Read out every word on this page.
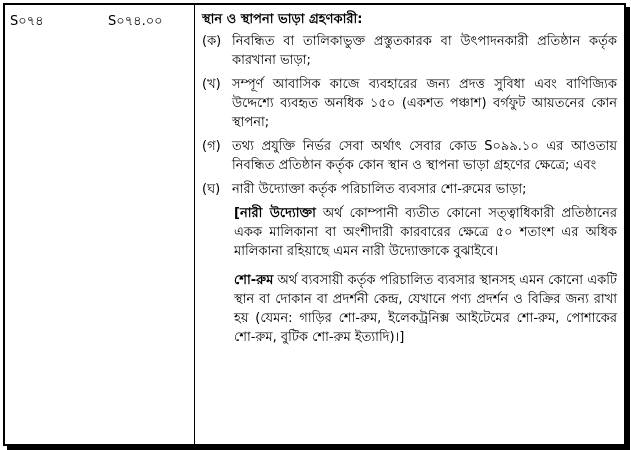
S০৭৪	S০৭৪.০০	স্থান ও স্থাপনা ভাড়া গ্রহণকারী:
(ক) নিবন্ধিত বা তালিকাভুক্ত প্রস্তুতকারক বা উৎপাদনকারী প্রতিষ্ঠান কর্তৃক কারখানা ভাড়া;
(খ) সম্পূর্ণ আবাসিক কাজে ব্যবহারের জন্য প্রদত্ত সুবিধা এবং বাণিজ্যিক উদ্দেশ্যে ব্যবহৃত অনধিক ১৫০ (একশত পঞ্চাশ) বর্গফুট আয়তনের কোন স্থাপনা;
(গ) তথ্য প্রযুক্তি নির্ভর সেবা অর্থাৎ সেবার কোড S০৯৯.১০ এর আওতায় নিবন্ধিত প্রতিষ্ঠান কর্তৃক কোন স্থান ও স্থাপনা ভাড়া গ্রহণের ক্ষেত্রে; এবং
(ঘ) নারী উদ্যোক্তা কর্তৃক পরিচালিত ব্যবসার শো-রুমের ভাড়া;
[নারী উদ্যোক্তা অর্থ কোম্পানী ব্যতীত কোনো সত্ত্বাধিকারী প্রতিষ্ঠানের একক মালিকানা বা অংশীদারী কারবারের ক্ষেত্রে ৫০ শতাংশ এর অধিক মালিকানা রহিয়াছে এমন নারী উদ্যোক্তাকে বুঝাইবে।
শো-রুম অর্থ ব্যবসায়ী কর্তৃক পরিচালিত ব্যবসার স্থানসহ এমন কোনো একটি স্থান বা দোকান বা প্রদর্শনী কেন্দ্র, যেখানে পণ্য প্রদর্শন ও বিক্রির জন্য রাখা হয় (যেমন: গাড়ির শো-রুম, ইলেকট্রনিক্স আইটেমের শো-রুম, পোশাকের শো-রুম, বুটিক শো-রুম ইত্যাদি)।]
